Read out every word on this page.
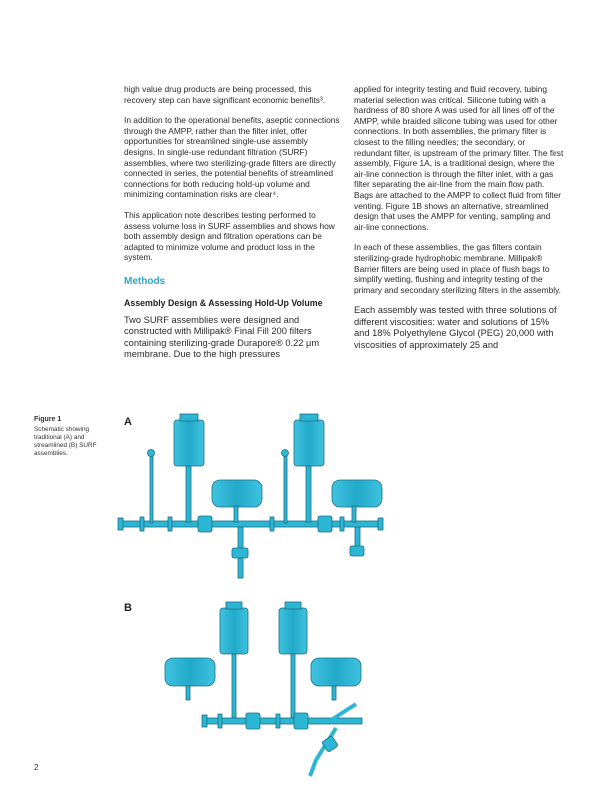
high value drug products are being processed, this recovery step can have significant economic benefits³.

In addition to the operational benefits, aseptic connections through the AMPP, rather than the filter inlet, offer opportunities for streamlined single-use assembly designs. In single-use redundant filtration (SURF) assemblies, where two sterilizing-grade filters are directly connected in series, the potential benefits of streamlined connections for both reducing hold-up volume and minimizing contamination risks are clear⁴.

This application note describes testing performed to assess volume loss in SURF assemblies and shows how both assembly design and filtration operations can be adapted to minimize volume and product loss in the system.

Methods
Assembly Design & Assessing Hold-Up Volume

Two SURF assemblies were designed and constructed with Millipak® Final Fill 200 filters containing sterilizing-grade Durapore® 0.22 µm membrane. Due to the high pressures

applied for integrity testing and fluid recovery, tubing material selection was critical. Silicone tubing with a hardness of 80 shore A was used for all lines off of the AMPP, while braided silicone tubing was used for other connections. In both assemblies, the primary filter is closest to the filling needles; the secondary, or redundant filter, is upstream of the primary filter. The first assembly, Figure 1A, is a traditional design, where the air-line connection is through the filter inlet, with a gas filter separating the air-line from the main flow path. Bags are attached to the AMPP to collect fluid from filter venting. Figure 1B shows an alternative, streamlined design that uses the AMPP for venting, sampling and air-line connections.

In each of these assemblies, the gas filters contain sterilizing-grade hydrophobic membrane. Millipak® Barrier filters are being used in place of flush bags to simplify wetting, flushing and integrity testing of the primary and secondary sterilizing filters in the assembly.

Each assembly was tested with three solutions of different viscosities: water and solutions of 15% and 18% Polyethylene Glycol (PEG) 20,000 with viscosities of approximately 25 and

Figure 1
Schematic showing traditional (A) and streamlined (B) SURF assemblies.
A
B
2
